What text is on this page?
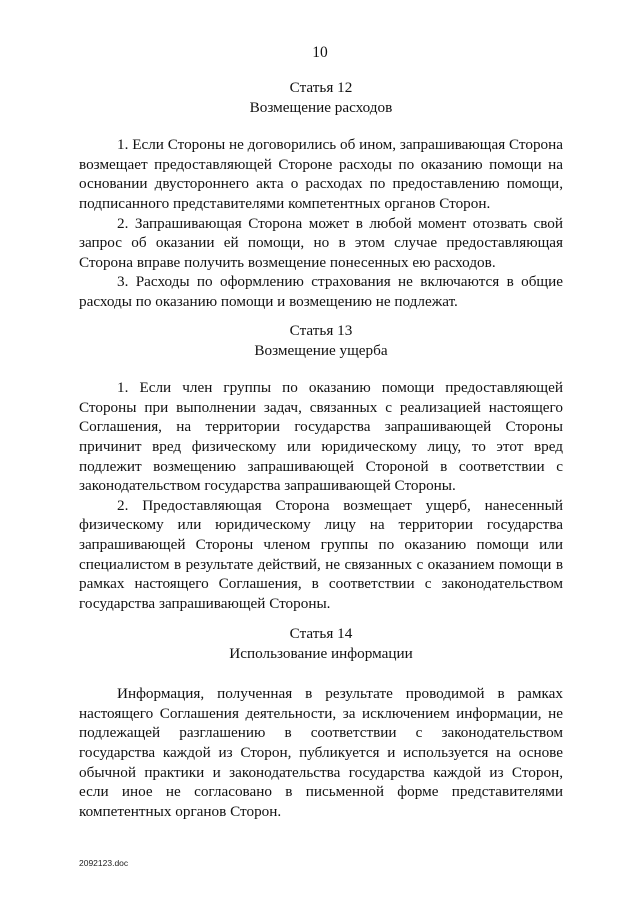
10
Статья 12
Возмещение расходов

1. Если Стороны не договорились об ином, запрашивающая Сторона возмещает предоставляющей Стороне расходы по оказанию помощи на основании двустороннего акта о расходах по предоставлению помощи, подписанного представителями компетентных органов Сторон.

2. Запрашивающая Сторона может в любой момент отозвать свой запрос об оказании ей помощи, но в этом случае предоставляющая Сторона вправе получить возмещение понесенных ею расходов.

3. Расходы по оформлению страхования не включаются в общие расходы по оказанию помощи и возмещению не подлежат.

Статья 13
Возмещение ущерба

1. Если член группы по оказанию помощи предоставляющей Стороны при выполнении задач, связанных с реализацией настоящего Соглашения, на территории государства запрашивающей Стороны причинит вред физическому или юридическому лицу, то этот вред подлежит возмещению запрашивающей Стороной в соответствии с законодательством государства запрашивающей Стороны.

2. Предоставляющая Сторона возмещает ущерб, нанесенный физическому или юридическому лицу на территории государства запрашивающей Стороны членом группы по оказанию помощи или специалистом в результате действий, не связанных с оказанием помощи в рамках настоящего Соглашения, в соответствии с законодательством государства запрашивающей Стороны.

Статья 14
Использование информации

Информация, полученная в результате проводимой в рамках настоящего Соглашения деятельности, за исключением информации, не подлежащей разглашению в соответствии с законодательством государства каждой из Сторон, публикуется и используется на основе обычной практики и законодательства государства каждой из Сторон, если иное не согласовано в письменной форме представителями компетентных органов Сторон.

2092123.doc
